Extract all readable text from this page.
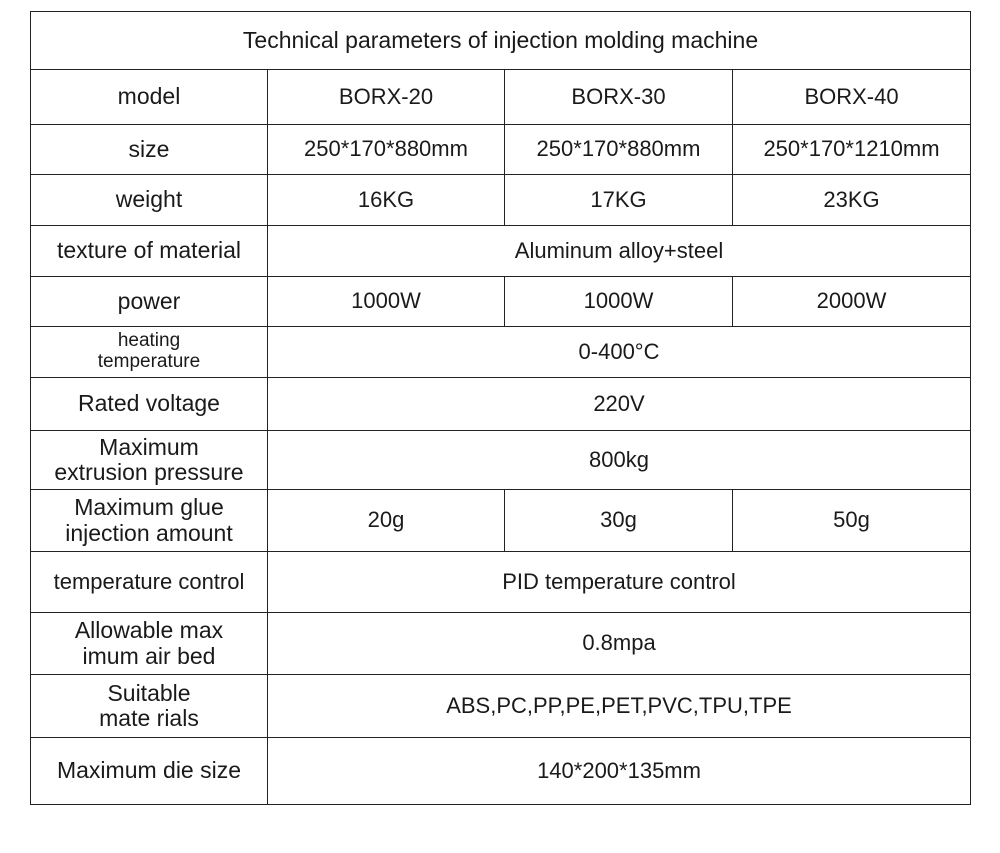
Technical parameters of injection molding machine			
model	BORX-20	BORX-30	BORX-40
size	250*170*880mm	250*170*880mm	250*170*1210mm
weight	16KG	17KG	23KG
texture of material	Aluminum alloy+steel		
power	1000W	1000W	2000W

heating
temperature	0-400°C		
Rated voltage	220V		

Maximum
extrusion pressure	800kg		

Maximum glue
injection amount	20g	30g	50g
temperature control	PID temperature control		

Allowable max
imum air bed	0.8mpa		

Suitable
mate rials	ABS,PC,PP,PE,PET,PVC,TPU,TPE		
Maximum die size	140*200*135mm		
